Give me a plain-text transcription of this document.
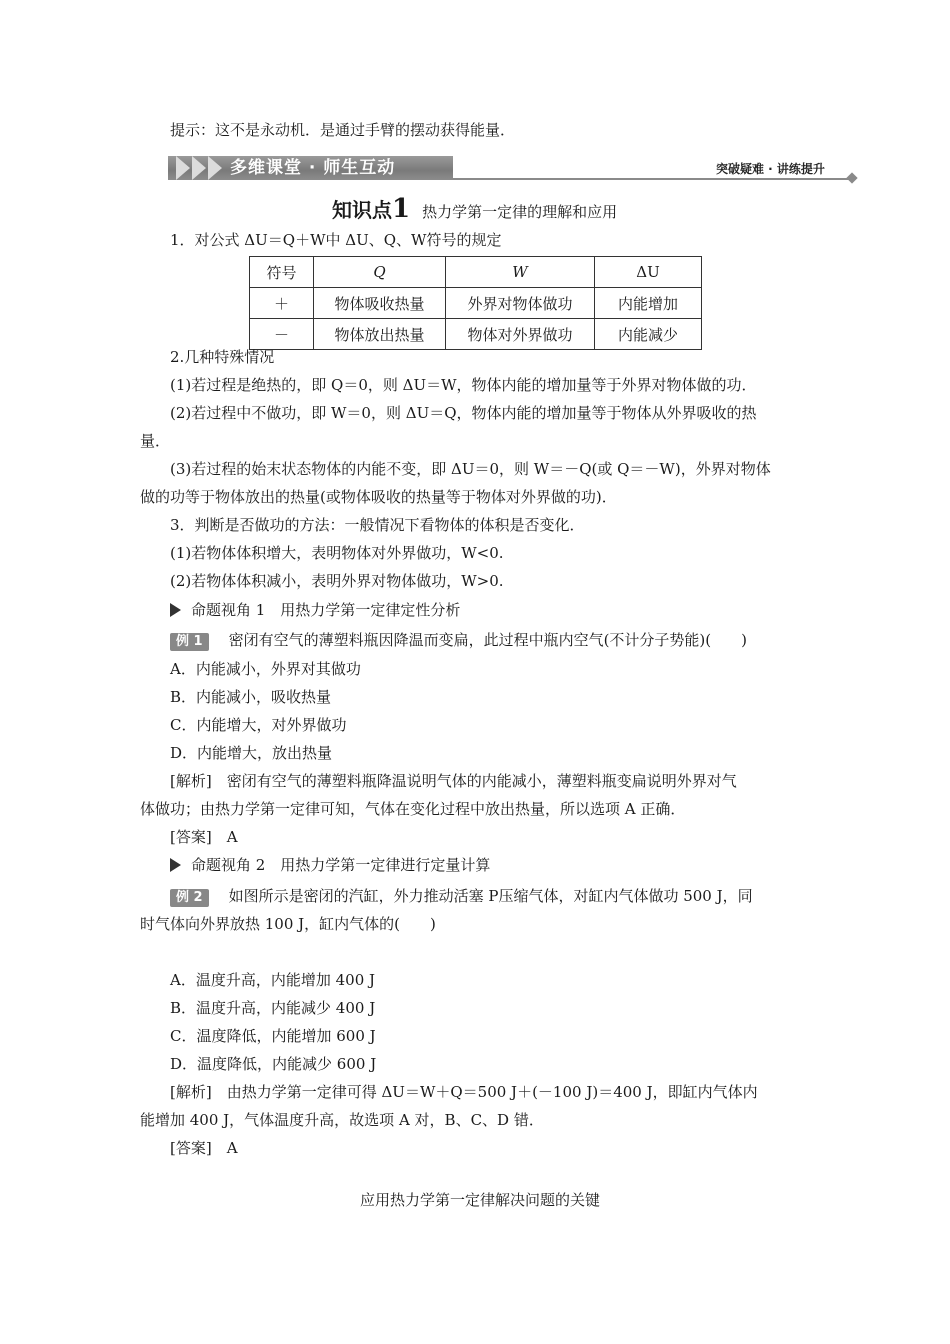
提示：这不是永动机．是通过手臂的摆动获得能量．
多维课堂 · 师生互动	突破疑难 · 讲练提升
知识点1 热力学第一定律的理解和应用
1．对公式 ΔU＝Q＋W中 ΔU、Q、W符号的规定
符号	Q	W	ΔU
＋	物体吸收热量	外界对物体做功	内能增加
－	物体放出热量	物体对外界做功	内能减少
2.几种特殊情况
(1)若过程是绝热的，即 Q＝0，则 ΔU＝W，物体内能的增加量等于外界对物体做的功．
(2)若过程中不做功，即 W＝0，则 ΔU＝Q，物体内能的增加量等于物体从外界吸收的热
量．
(3)若过程的始末状态物体的内能不变，即 ΔU＝0，则 W＝－Q(或 Q＝－W)，外界对物体
做的功等于物体放出的热量(或物体吸收的热量等于物体对外界做的功)．
3．判断是否做功的方法：一般情况下看物体的体积是否变化．
(1)若物体体积增大，表明物体对外界做功，W<0.
(2)若物体体积减小，表明外界对物体做功，W>0.
命题视角 1　用热力学第一定律定性分析
例 1 密闭有空气的薄塑料瓶因降温而变扁，此过程中瓶内空气(不计分子势能)(　　)
A．内能减小，外界对其做功
B．内能减小，吸收热量
C．内能增大，对外界做功
D．内能增大，放出热量
[解析]　密闭有空气的薄塑料瓶降温说明气体的内能减小，薄塑料瓶变扁说明外界对气
体做功；由热力学第一定律可知，气体在变化过程中放出热量，所以选项 A 正确．
[答案]　A
命题视角 2　用热力学第一定律进行定量计算
例 2 如图所示是密闭的汽缸，外力推动活塞 P压缩气体，对缸内气体做功 500 J，同
时气体向外界放热 100 J，缸内气体的(　　)
A．温度升高，内能增加 400 J
B．温度升高，内能减少 400 J
C．温度降低，内能增加 600 J
D．温度降低，内能减少 600 J
[解析]　由热力学第一定律可得 ΔU＝W＋Q＝500 J＋(－100 J)＝400 J，即缸内气体内
能增加 400 J，气体温度升高，故选项 A 对，B、C、D 错．
[答案]　A
应用热力学第一定律解决问题的关键
